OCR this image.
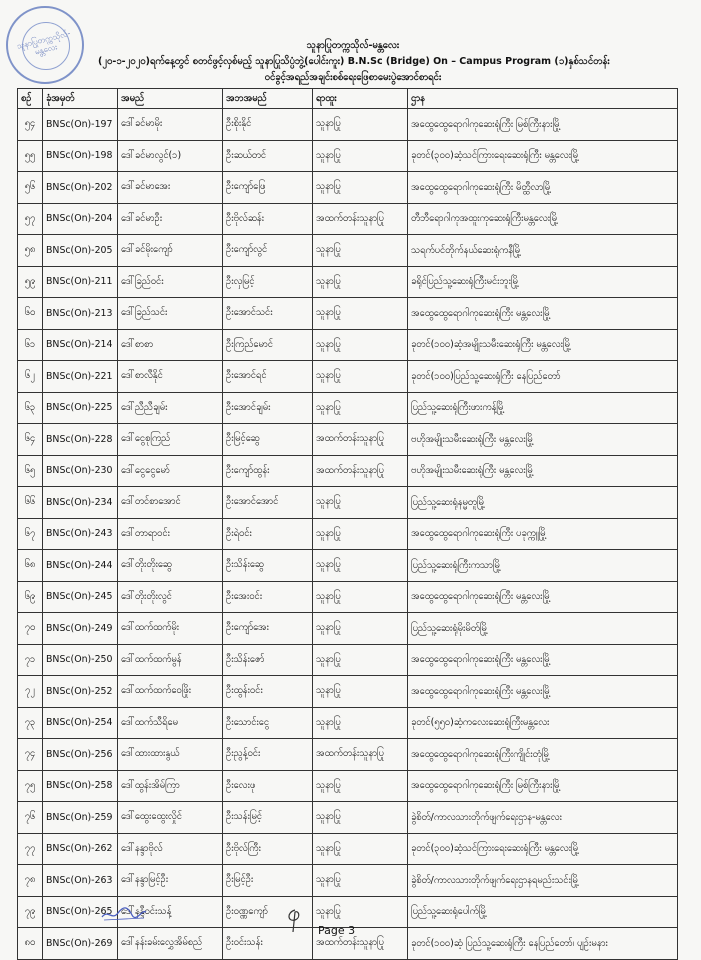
သူနာပြုတက္ကသိုလ်-မန္တလေး	သူနာပြုတက္ကသိုလ်-မန္တလေး
(၂၀-၁-၂၀၂၀)ရက်နေ့တွင် စတင်ဖွင့်လှစ်မည့် သူနာပြုသိပ္ပံဘွဲ့(ပေါင်းကူး) B.N.Sc (Bridge) On – Campus Program (၁)နှစ်သင်တန်း
ဝင်ခွင့်အရည်အချင်းစစ်ရေးဖြေစာမေးပွဲအောင်စာရင်း
စဉ်	ခုံအမှတ်	အမည်	အဘအမည်	ရာထူး	ဌာန
၅၄	BNSc(On)-197	ဒေါ်ခင်မာမိုး	ဦးစိုးနိုင်	သူနာပြု	အထွေထွေရောဂါကုဆေးရုံကြီး မြစ်ကြီးနားမြို့
၅၅	BNSc(On)-198	ဒေါ်ခင်မာလွင်(၁)	ဦးဆယ်တင်	သူနာပြု	ခုတင်(၃၀၀)ဆံ့သင်ကြားရေးဆေးရုံကြီး မန္တလေးမြို့
၅၆	BNSc(On)-202	ဒေါ်ခင်မာအေး	ဦးကျော်ဖြေ	သူနာပြု	အထွေထွေရောဂါကုဆေးရုံကြီး မိတ္ထီလာမြို့
၅၇	BNSc(On)-204	ဒေါ်ခင်မာဦး	ဦးဗိုလ်ဆန်း	အထက်တန်းသူနာပြု	တီဘီရောဂါကုအထူးကုဆေးရုံကြီးမန္တလေးမြို့
၅၈	BNSc(On)-205	ဒေါ်ခင်မိုးကျော်	ဦးကျော်လွင်	သူနာပြု	သရက်ပင်တိုက်နယ်ဆေးရုံကနီမြို့
၅၉	BNSc(On)-211	ဒေါ်ခြည်ဝင်း	ဦးလှမြင့်	သူနာပြု	ခရိုင်ပြည်သူ့ဆေးရုံကြီးမင်းဘူးမြို့
၆၀	BNSc(On)-213	ဒေါ်ခြည်သင်း	ဦးအောင်သင်း	သူနာပြု	အထွေထွေရောဂါကုဆေးရုံကြီး မန္တလေးမြို့
၆၁	BNSc(On)-214	ဒေါ်စာစာ	ဦးကြည်မောင်	သူနာပြု	ခုတင်(၁၀၀)ဆံ့အမျိုးသမီးဆေးရုံကြီး မန္တလေးမြို့
၆၂	BNSc(On)-221	ဒေါ်စာလီနိုင်	ဦးအောင်ရင်	သူနာပြု	ခုတင်(၁၀၀)ပြည်သူ့ဆေးရုံကြီး နေပြည်တော်
၆၃	BNSc(On)-225	ဒေါ်ညီညီချမ်း	ဦးအောင်ချမ်း	သူနာပြု	ပြည်သူ့ဆေးရုံကြီးဖားကန့်မြို့
၆၄	BNSc(On)-228	ဒေါ်ငွေစုကြည်	ဦးမြင့်ဆွေ	အထက်တန်းသူနာပြု	ဗဟိုအမျိုးသမီးဆေးရုံကြီး မန္တလေးမြို့
၆၅	BNSc(On)-230	ဒေါ်ငွေငွေမော်	ဦးကျော်ထွန်း	အထက်တန်းသူနာပြု	ဗဟိုအမျိုးသမီးဆေးရုံကြီး မန္တလေးမြို့
၆၆	BNSc(On)-234	ဒေါ်တင်စာအောင်	ဦးအောင်အောင်	သူနာပြု	ပြည်သူ့ဆေးရုံနမ္မတူမြို့
၆၇	BNSc(On)-243	ဒေါ်တာရာဝင်း	ဦးရဲဝင်း	သူနာပြု	အထွေထွေရောဂါကုဆေးရုံကြီး ပခုက္ကူမြို့
၆၈	BNSc(On)-244	ဒေါ်တိုးတိုးဆွေ	ဦးသိန်းဆွေ	သူနာပြု	ပြည်သူ့ဆေးရုံကြီးကသာမြို့
၆၉	BNSc(On)-245	ဒေါ်တိုးတိုးလွင်	ဦးအေးဝင်း	သူနာပြု	အထွေထွေရောဂါကုဆေးရုံကြီး မန္တလေးမြို့
၇၀	BNSc(On)-249	ဒေါ်ထက်ထက်မိုး	ဦးကျော်အေး	သူနာပြု	ပြည်သူ့ဆေးရုံမိုးမိတ်မြို့
၇၁	BNSc(On)-250	ဒေါ်ထက်ထက်မွန်	ဦးသိန်းဇော်	သူနာပြု	အထွေထွေရောဂါကုဆေးရုံကြီး မန္တလေးမြို့
၇၂	BNSc(On)-252	ဒေါ်ထက်ထက်ဝေဖြိုး	ဦးထွန်းဝင်း	သူနာပြု	အထွေထွေရောဂါကုဆေးရုံကြီး မန္တလေးမြို့
၇၃	BNSc(On)-254	ဒေါ်ထက်သီရိမေ	ဦးသောင်းငွေ	သူနာပြု	ခုတင်(၅၅၀)ဆံ့ကလေးဆေးရုံကြီးမန္တလေး
၇၄	BNSc(On)-256	ဒေါ်ထားထားနွယ်	ဦးညွန့်ဝင်း	အထက်တန်းသူနာပြု	အထွေထွေရောဂါကုဆေးရုံကြီးကျိုင်းတုံမြို့
၇၅	BNSc(On)-258	ဒေါ်ထွန်းအိမ်ကြာ	ဦးလေးဖု	သူနာပြု	အထွေထွေရောဂါကုဆေးရုံကြီး မြစ်ကြီးနားမြို့
၇၆	BNSc(On)-259	ဒေါ်ထွေးထွေးလှိုင်	ဦးသန်းမြင့်	သူနာပြု	ခွဲစိတ်/ကာလသားတိုက်ဖျက်ရေးဌာန-မန္တလေး
၇၇	BNSc(On)-262	ဒေါ်နန္ဒာဗိုလ်	ဦးဗိုလ်ကြီး	သူနာပြု	ခုတင်(၃၀၀)ဆံ့သင်ကြားရေးဆေးရုံကြီး မန္တလေးမြို့
၇၈	BNSc(On)-263	ဒေါ်နန္ဒာမြင့်ဦး	ဦးမြင့်ဦး	သူနာပြု	ခွဲစိတ်/ကာလသားတိုက်ဖျက်ရေးဌာနရမည်းသင်းမြို့
၇၉	BNSc(On)-265	ဒေါ်နန္ဒီဝင်းသန့်	ဦးဝဏ္ဏကျော်	သူနာပြု	ပြည်သူ့ဆေးရုံပေါက်မြို့
၈၀	BNSc(On)-269	ဒေါ်နန်းခမ်းလွှေအိမ်စည်	ဦးဝင်းသန်း	အထက်တန်းသူနာပြု	ခုတင်(၁၀၀)ဆံ့ ပြည်သူ့ဆေးရုံကြီး နေပြည်တော်၊ ပျဉ်းမနား
Page 3
